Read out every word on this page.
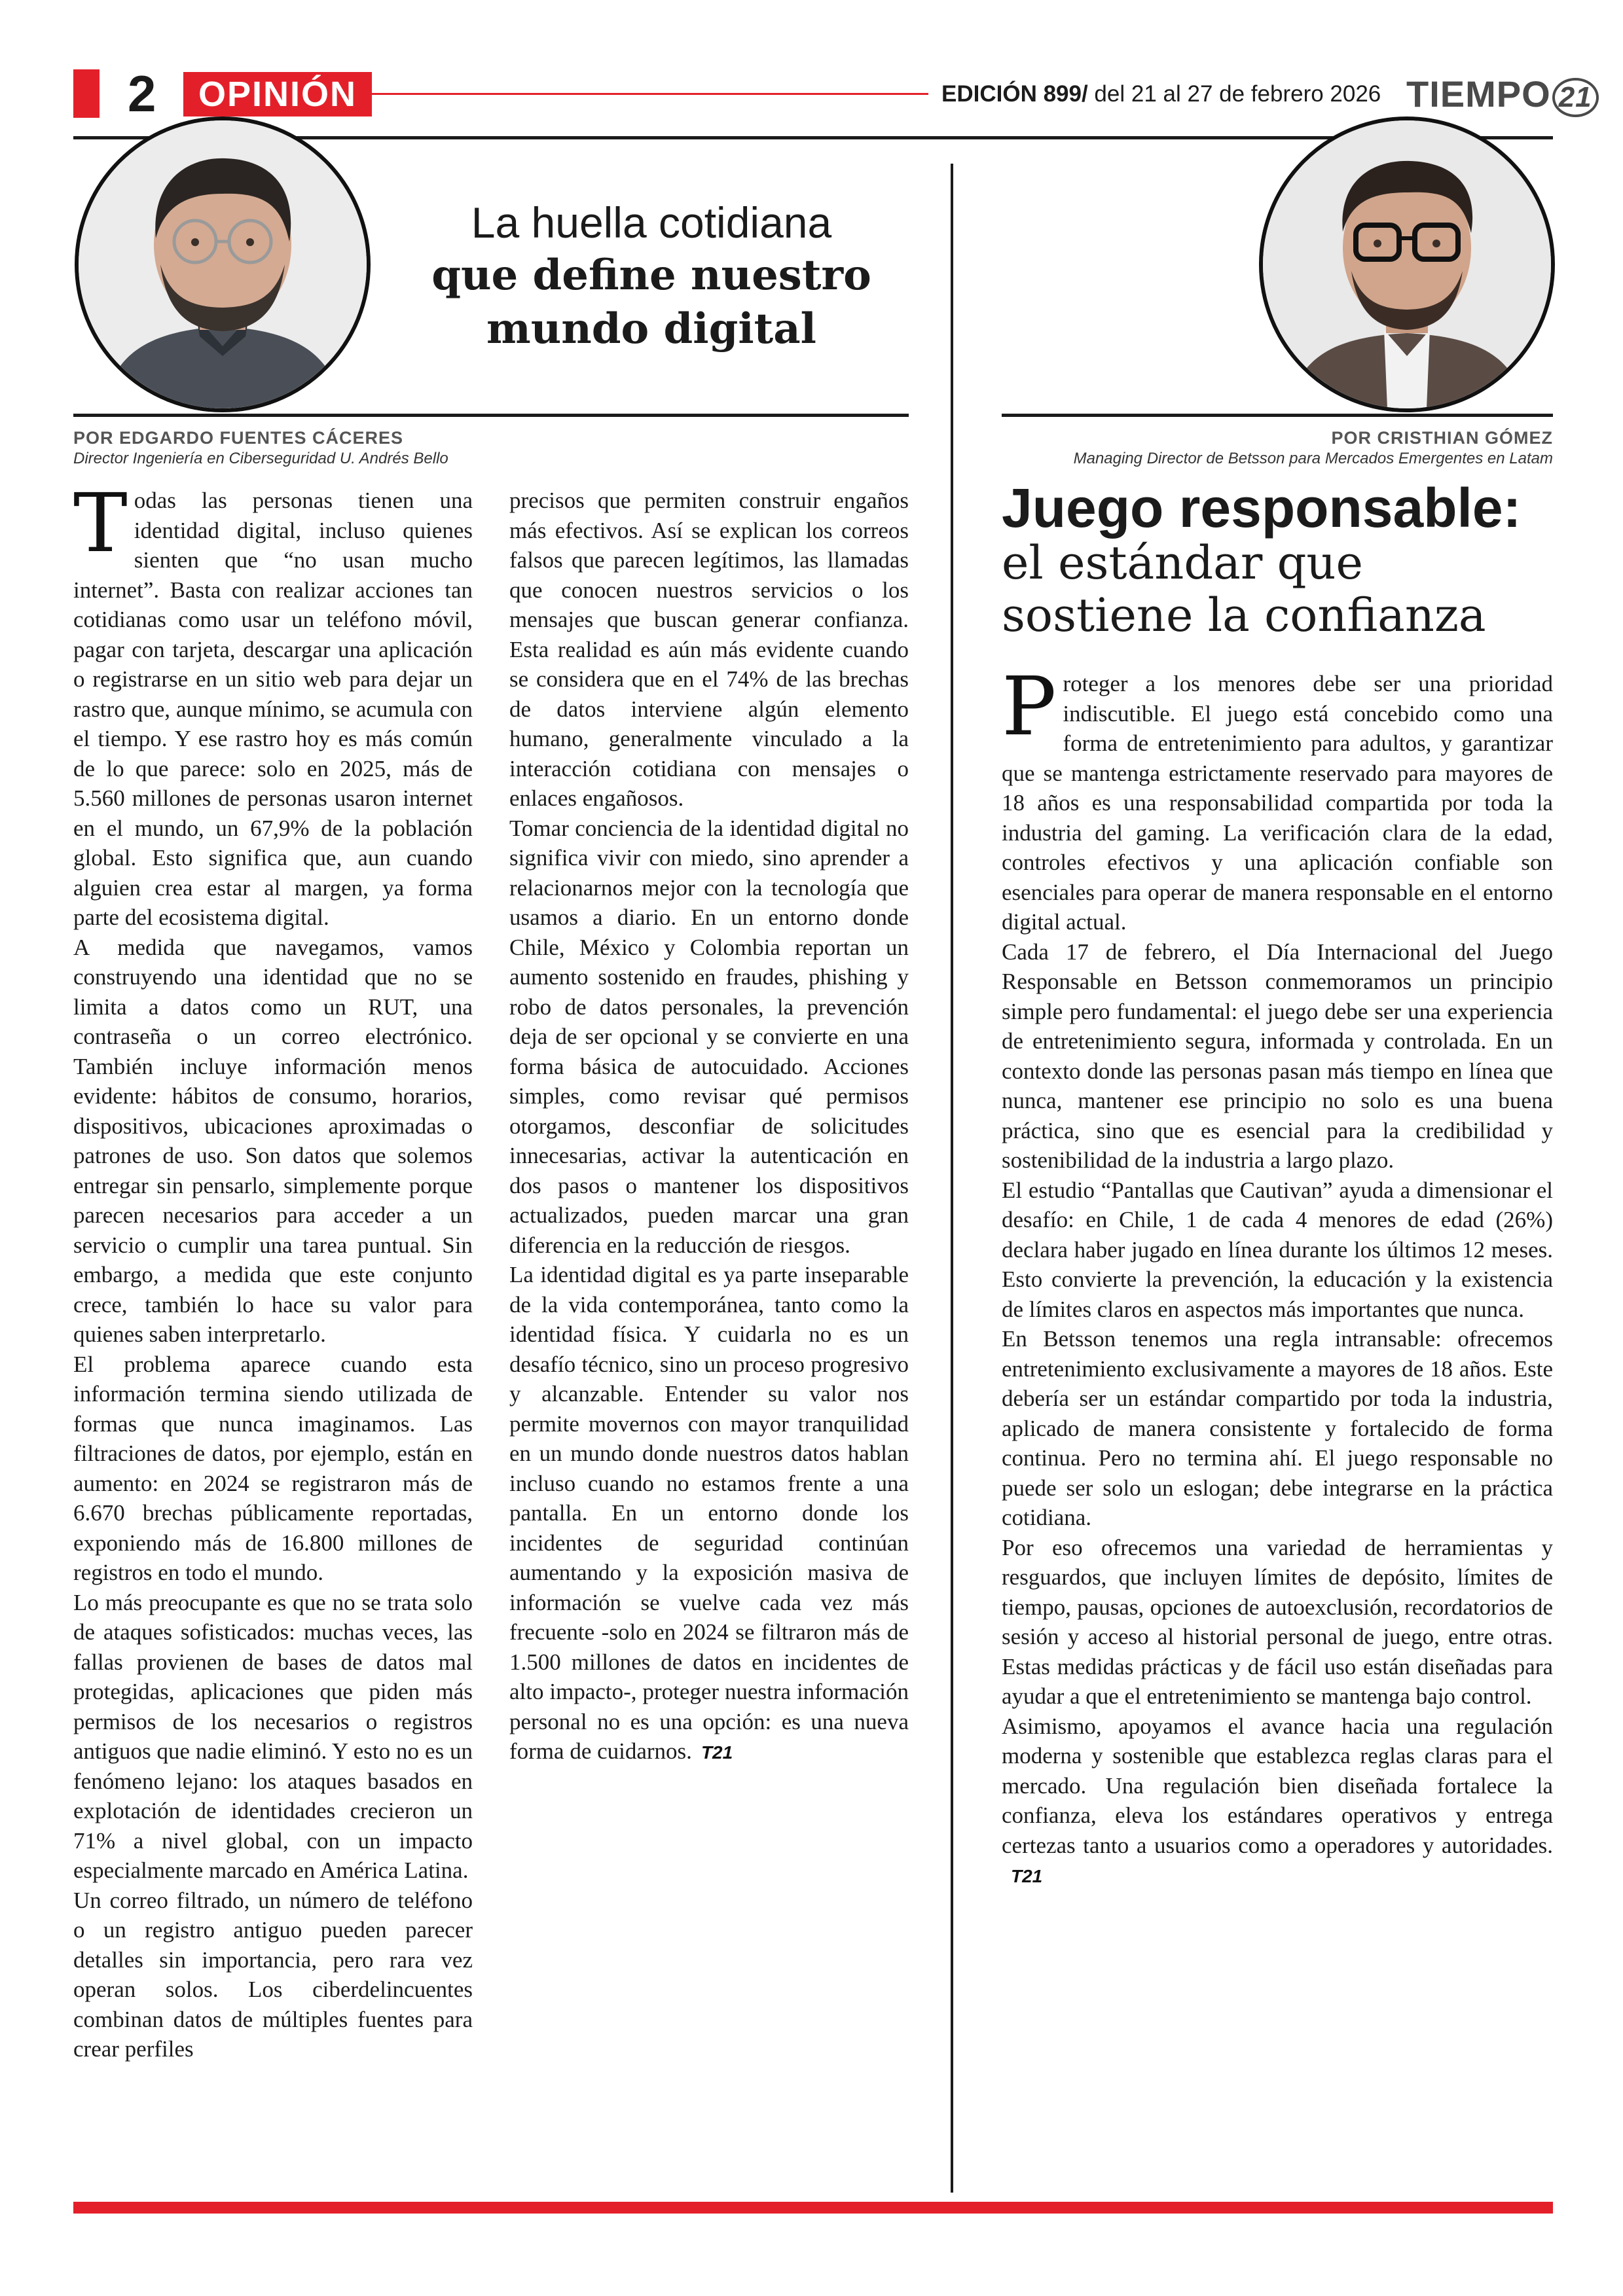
2	OPINIÓN	EDICIÓN 899/ del 21 al 27 de febrero 2026 TIEMPO 21
La huella cotidiana
que define nuestro mundo digital
POR EDGARDO FUENTES CÁCERES
Director Ingeniería en Ciberseguridad U. Andrés Bello

Todas las personas tienen una identidad digital, incluso quienes sienten que “no usan mucho internet”. Basta con realizar acciones tan cotidianas como usar un teléfono móvil, pagar con tarjeta, descargar una aplicación o registrarse en un sitio web para dejar un rastro que, aunque mínimo, se acumula con el tiempo. Y ese rastro hoy es más común de lo que parece: solo en 2025, más de 5.560 millones de personas usaron internet en el mundo, un 67,9% de la población global. Esto significa que, aun cuando alguien crea estar al margen, ya forma parte del ecosistema digital.

A medida que navegamos, vamos construyendo una identidad que no se limita a datos como un RUT, una contraseña o un correo electrónico. También incluye información menos evidente: hábitos de consumo, horarios, dispositivos, ubicaciones aproximadas o patrones de uso. Son datos que solemos entregar sin pensarlo, simplemente porque parecen necesarios para acceder a un servicio o cumplir una tarea puntual. Sin embargo, a medida que este conjunto crece, también lo hace su valor para quienes saben interpretarlo.

El problema aparece cuando esta información termina siendo utilizada de formas que nunca imaginamos. Las filtraciones de datos, por ejemplo, están en aumento: en 2024 se registraron más de 6.670 brechas públicamente reportadas, exponiendo más de 16.800 millones de registros en todo el mundo.

Lo más preocupante es que no se trata solo de ataques sofisticados: muchas veces, las fallas provienen de bases de datos mal protegidas, aplicaciones que piden más permisos de los necesarios o registros antiguos que nadie eliminó. Y esto no es un fenómeno lejano: los ataques basados en explotación de identidades crecieron un 71% a nivel global, con un impacto especialmente marcado en América Latina.

Un correo filtrado, un número de teléfono o un registro antiguo pueden parecer detalles sin importancia, pero rara vez operan solos. Los ciberdelincuentes combinan datos de múltiples fuentes para crear perfiles

precisos que permiten construir engaños más efectivos. Así se explican los correos falsos que parecen legítimos, las llamadas que conocen nuestros servicios o los mensajes que buscan generar confianza. Esta realidad es aún más evidente cuando se considera que en el 74% de las brechas de datos interviene algún elemento humano, generalmente vinculado a la interacción cotidiana con mensajes o enlaces engañosos.

Tomar conciencia de la identidad digital no significa vivir con miedo, sino aprender a relacionarnos mejor con la tecnología que usamos a diario. En un entorno donde Chile, México y Colombia reportan un aumento sostenido en fraudes, phishing y robo de datos personales, la prevención deja de ser opcional y se convierte en una forma básica de autocuidado. Acciones simples, como revisar qué permisos otorgamos, desconfiar de solicitudes innecesarias, activar la autenticación en dos pasos o mantener los dispositivos actualizados, pueden marcar una gran diferencia en la reducción de riesgos.

La identidad digital es ya parte inseparable de la vida contemporánea, tanto como la identidad física. Y cuidarla no es un desafío técnico, sino un proceso progresivo y alcanzable. Entender su valor nos permite movernos con mayor tranquilidad en un mundo donde nuestros datos hablan incluso cuando no estamos frente a una pantalla. En un entorno donde los incidentes de seguridad continúan aumentando y la exposición masiva de información se vuelve cada vez más frecuente -solo en 2024 se filtraron más de 1.500 millones de datos en incidentes de alto impacto-, proteger nuestra información personal no es una opción: es una nueva forma de cuidarnos. T21

POR CRISTHIAN GÓMEZ
Managing Director de Betsson para Mercados Emergentes en Latam
Juego responsable:
el estándar que sostiene la confianza

Proteger a los menores debe ser una prioridad indiscutible. El juego está concebido como una forma de entretenimiento para adultos, y garantizar que se mantenga estrictamente reservado para mayores de 18 años es una responsabilidad compartida por toda la industria del gaming. La verificación clara de la edad, controles efectivos y una aplicación confiable son esenciales para operar de manera responsable en el entorno digital actual.

Cada 17 de febrero, el Día Internacional del Juego Responsable en Betsson conmemoramos un principio simple pero fundamental: el juego debe ser una experiencia de entretenimiento segura, informada y controlada. En un contexto donde las personas pasan más tiempo en línea que nunca, mantener ese principio no solo es una buena práctica, sino que es esencial para la credibilidad y sostenibilidad de la industria a largo plazo.

El estudio “Pantallas que Cautivan” ayuda a dimensionar el desafío: en Chile, 1 de cada 4 menores de edad (26%) declara haber jugado en línea durante los últimos 12 meses. Esto convierte la prevención, la educación y la existencia de límites claros en aspectos más importantes que nunca.

En Betsson tenemos una regla intransable: ofrecemos entretenimiento exclusivamente a mayores de 18 años. Este debería ser un estándar compartido por toda la industria, aplicado de manera consistente y fortalecido de forma continua. Pero no termina ahí. El juego responsable no puede ser solo un eslogan; debe integrarse en la práctica cotidiana.

Por eso ofrecemos una variedad de herramientas y resguardos, que incluyen límites de depósito, límites de tiempo, pausas, opciones de autoexclusión, recordatorios de sesión y acceso al historial personal de juego, entre otras. Estas medidas prácticas y de fácil uso están diseñadas para ayudar a que el entretenimiento se mantenga bajo control.

Asimismo, apoyamos el avance hacia una regulación moderna y sostenible que establezca reglas claras para el mercado. Una regulación bien diseñada fortalece la confianza, eleva los estándares operativos y entrega certezas tanto a usuarios como a operadores y autoridades.T21
